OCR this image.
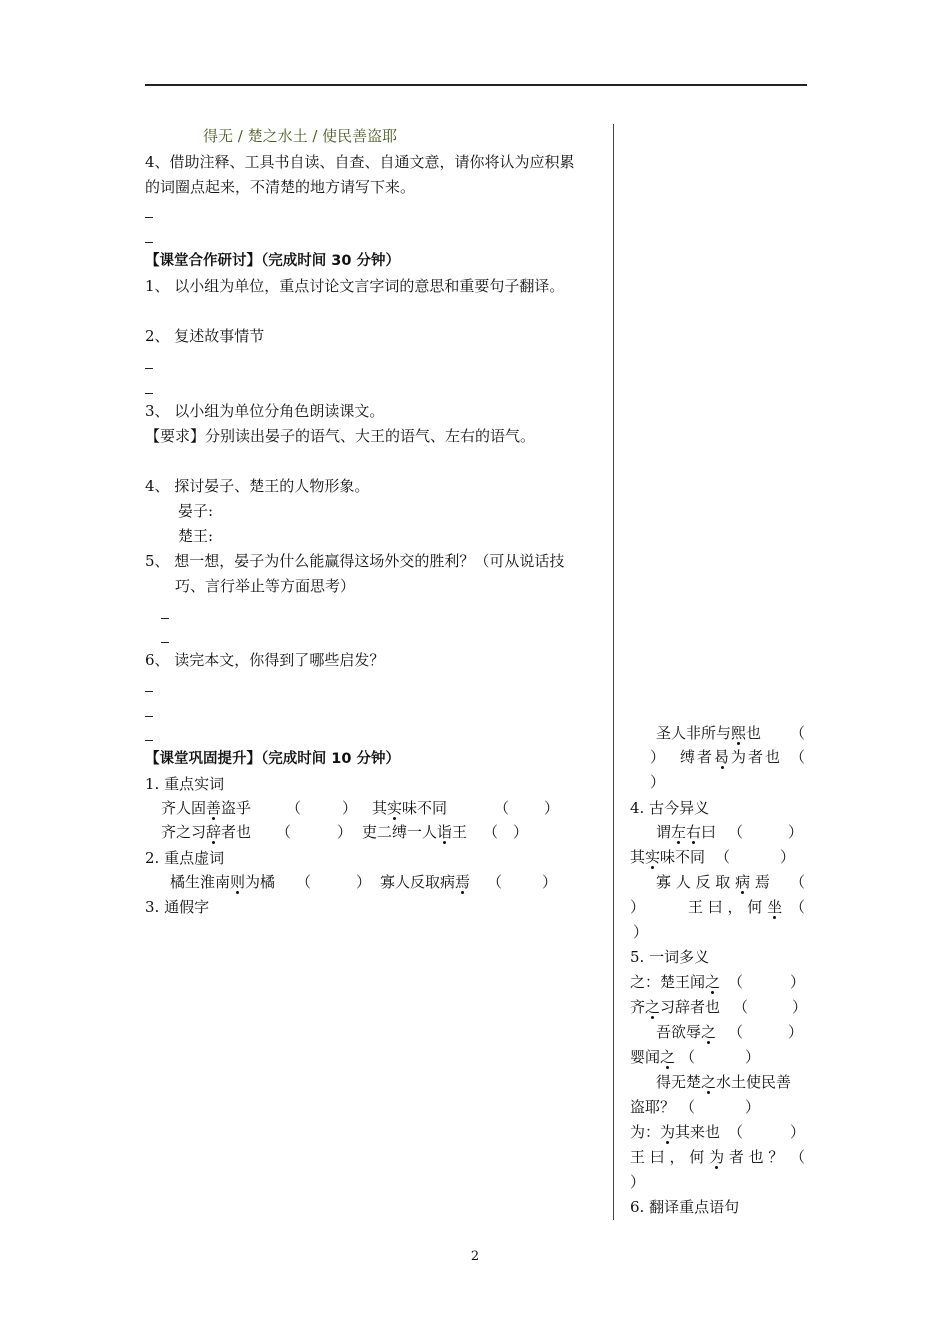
得无 / 楚之水土 / 使民善盗耶
4、借助注释、工具书自读、自查、自通文意，请你将认为应积累
的词圈点起来，不清楚的地方请写下来。
【课堂合作研讨】（完成时间 30 分钟）
1、 以小组为单位，重点讨论文言字词的意思和重要句子翻译。
2、 复述故事情节
3、 以小组为单位分角色朗读课文。
【要求】分别读出晏子的语气、大王的语气、左右的语气。
4、 探讨晏子、楚王的人物形象。
晏子:
楚王:
5、 想一想，晏子为什么能赢得这场外交的胜利？（可从说话技
巧、言行举止等方面思考）
6、 读完本文，你得到了哪些启发？
【课堂巩固提升】（完成时间 10 分钟）
1. 重点实词
齐人固善盗乎 （	） 其实味不同	（ ）
齐之习辞者也 （	） 吏二缚一人诣王 （ ）
2. 重点虚词
橘生淮南则为橘 （	） 寡人反取病焉 （	）
3. 通假字
圣人非所与熙也 （
） 缚者曷为者也 （
）
4. 古今异义
谓左右曰 （	）
其实味不同 （	）
寡 人 反 取 病 焉 （
）	王 曰 ， 何 坐 （
）
5. 一词多义
之：楚王闻之 （	）
齐之习辞者也 （	）
吾欲辱之 （	）
婴闻之 （	）
得无楚之水土使民善
盗耶？ （	）
为：为其来也 （	）
王 曰 ， 何 为 者 也 ？ （
）
6. 翻译重点语句
2
